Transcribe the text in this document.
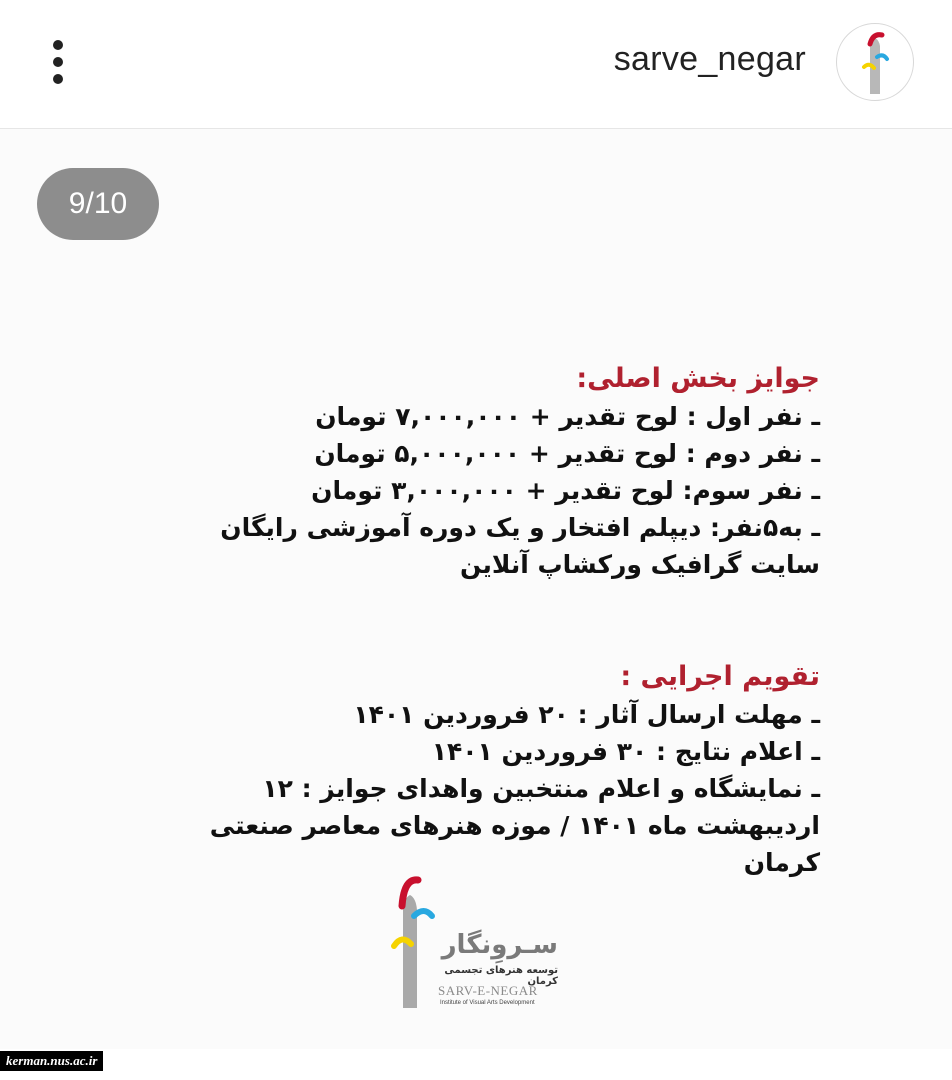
sarve_negar
9/10
جوایز بخش اصلی:
ـ نفر اول : لوح تقدیر + ۷,۰۰۰,۰۰۰ تومان
ـ نفر دوم : لوح تقدیر + ۵,۰۰۰,۰۰۰ تومان
ـ نفر سوم: لوح تقدیر + ۳,۰۰۰,۰۰۰ تومان
ـ به۵نفر: دیپلم افتخار و یک دوره آموزشی رایگان سایت گرافیک ورکشاپ آنلاین
تقویم اجرایی :
ـ مهلت ارسال آثار : ۲۰ فروردین ۱۴۰۱
ـ اعلام نتایج : ۳۰ فروردین ۱۴۰۱
ـ نمایشگاه و اعلام منتخبین واهدای جوایز : ۱۲ اردیبهشت ماه ۱۴۰۱ / موزه هنرهای معاصر صنعتی کرمان
سـروِنگار
توسعه هنرهای تجسمی کرمان
SARV-E-NEGAR
Institute of Visual Arts Development
kerman.nus.ac.ir
